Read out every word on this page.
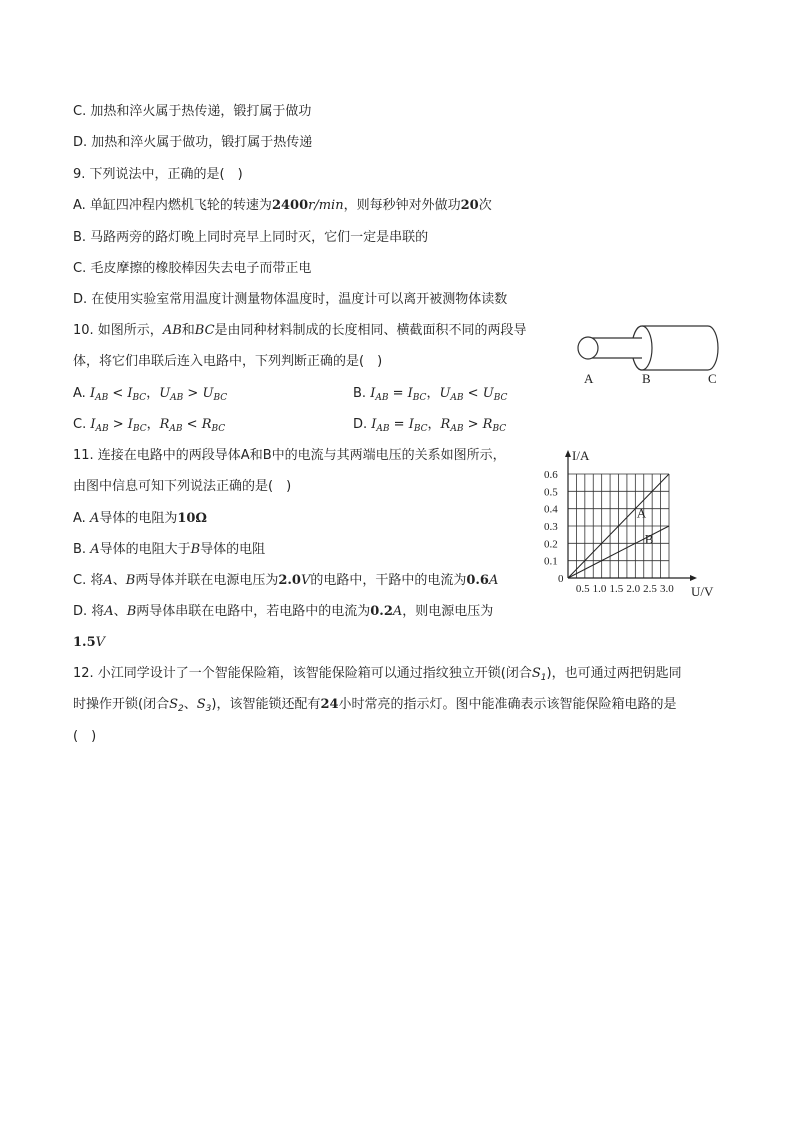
C. 加热和淬火属于热传递，锻打属于做功
D. 加热和淬火属于做功，锻打属于热传递
9. 下列说法中，正确的是(　)
A. 单缸四冲程内燃机飞轮的转速为2400r/min，则每秒钟对外做功20次
B. 马路两旁的路灯晚上同时亮早上同时灭，它们一定是串联的
C. 毛皮摩擦的橡胶棒因失去电子而带正电
D. 在使用实验室常用温度计测量物体温度时，温度计可以离开被测物体读数
10. 如图所示，AB和BC是由同种材料制成的长度相同、横截面积不同的两段导
体，将它们串联后连入电路中，下列判断正确的是(　)
A. $I_{AB} < I_{BC}$，$U_{AB} > U_{BC}$	B. $I_{AB} = I_{BC}$，$U_{AB} < U_{BC}$
C. $I_{AB} > I_{BC}$，$R_{AB} < R_{BC}$	D. $I_{AB} = I_{BC}$，$R_{AB} > R_{BC}$
A	B	C
11. 连接在电路中的两段导体A和B中的电流与其两端电压的关系如图所示，
由图中信息可知下列说法正确的是(　)
A. A导体的电阻为10Ω
B. A导体的电阻大于B导体的电阻
C. 将A、B两导体并联在电源电压为2.0V的电路中，干路中的电流为0.6A
D. 将A、B两导体串联在电路中，若电路中的电流为0.2A，则电源电压为
1.5V
A
B
0.5 1.0 1.5 2.0 2.5 3.0
0.1
0.2
0.3
0.4
0.5
0.6
0
U/V
I/A
12. 小江同学设计了一个智能保险箱，该智能保险箱可以通过指纹独立开锁(闭合$S_1$)，也可通过两把钥匙同
时操作开锁(闭合$S_2$、$S_3$)，该智能锁还配有24小时常亮的指示灯。图中能准确表示该智能保险箱电路的是
(　)
